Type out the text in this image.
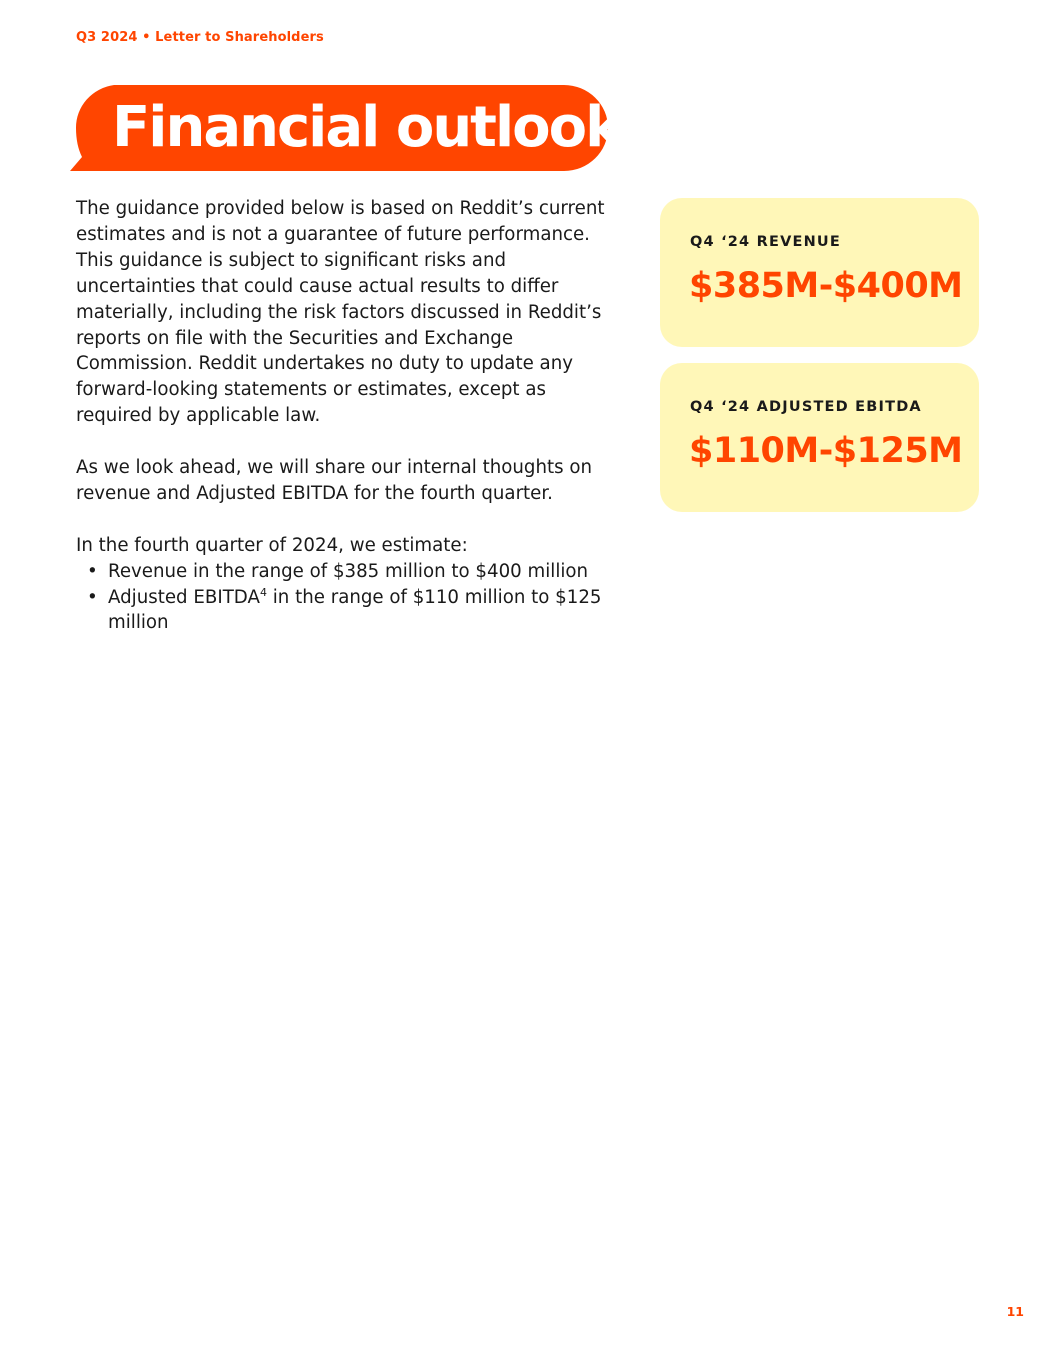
Q3 2024 • Letter to Shareholders
Financial outlook

The guidance provided below is based on Reddit’s current estimates and is not a guarantee of future performance. This guidance is subject to significant risks and uncertainties that could cause actual results to differ materially, including the risk factors discussed in Reddit’s reports on file with the Securities and Exchange Commission. Reddit undertakes no duty to update any forward-looking statements or estimates, except as required by applicable law.

As we look ahead, we will share our internal thoughts on revenue and Adjusted EBITDA for the fourth quarter.

In the fourth quarter of 2024, we estimate:

• Revenue in the range of $385 million to $400 million
• Adjusted EBITDA$^4$ in the range of $110 million to $125 million
Q4 ‘24 REVENUE
$385M-$400M
Q4 ‘24 ADJUSTED EBITDA
$110M-$125M
11
